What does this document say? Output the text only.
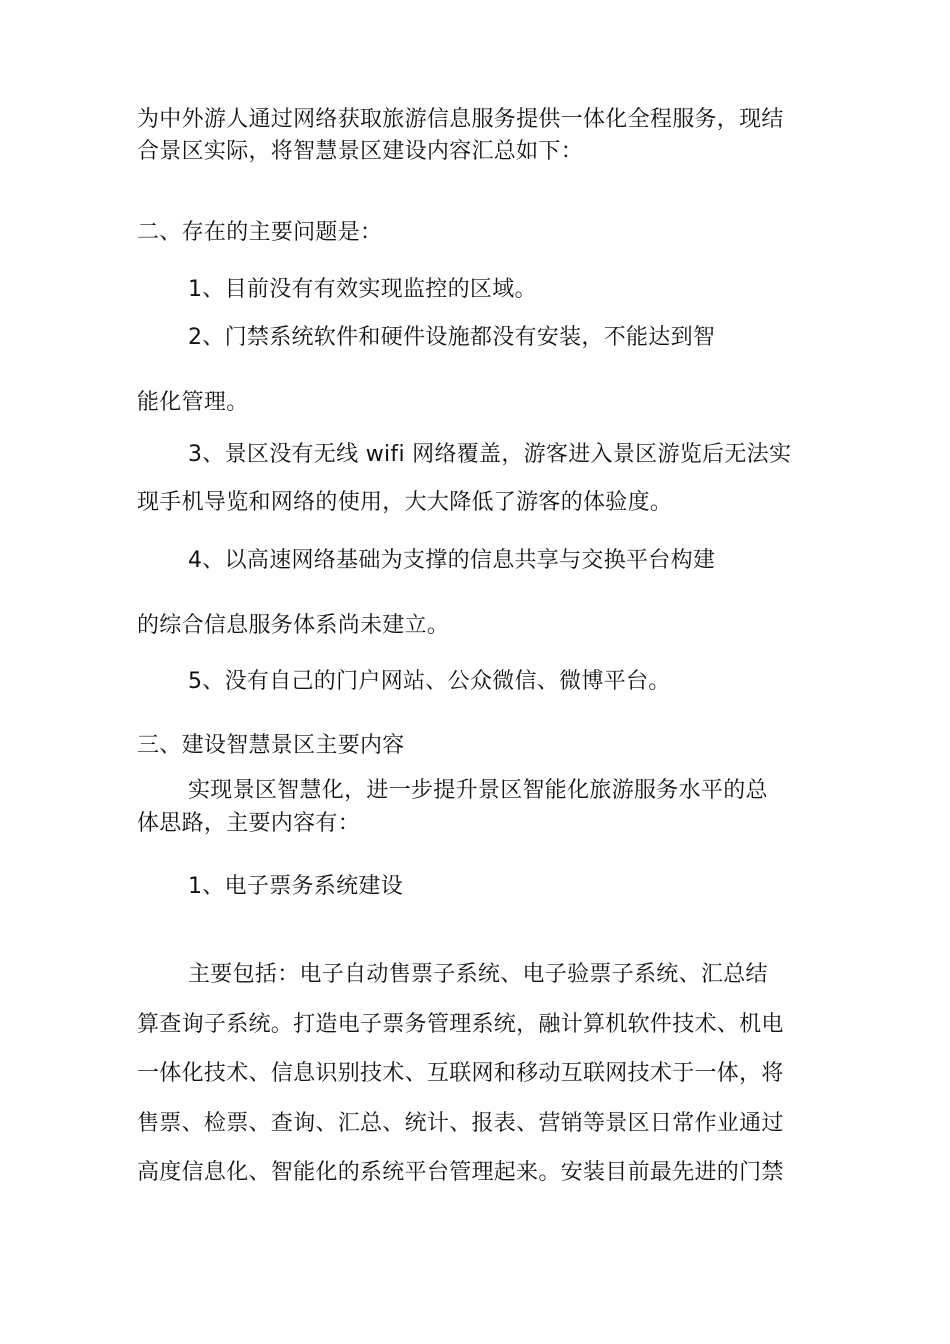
为中外游人通过网络获取旅游信息服务提供一体化全程服务，现结
合景区实际，将智慧景区建设内容汇总如下：
二、存在的主要问题是：
1、目前没有有效实现监控的区域。
2、门禁系统软件和硬件设施都没有安装，不能达到智
能化管理。
3、景区没有无线 wifi 网络覆盖，游客进入景区游览后无法实
现手机导览和网络的使用，大大降低了游客的体验度。
4、以高速网络基础为支撑的信息共享与交换平台构建
的综合信息服务体系尚未建立。
5、没有自己的门户网站、公众微信、微博平台。
三、建设智慧景区主要内容
实现景区智慧化，进一步提升景区智能化旅游服务水平的总
体思路，主要内容有：
1、电子票务系统建设
主要包括：电子自动售票子系统、电子验票子系统、汇总结
算查询子系统。打造电子票务管理系统，融计算机软件技术、机电
一体化技术、信息识别技术、互联网和移动互联网技术于一体，将
售票、检票、查询、汇总、统计、报表、营销等景区日常作业通过
高度信息化、智能化的系统平台管理起来。安装目前最先进的门禁
